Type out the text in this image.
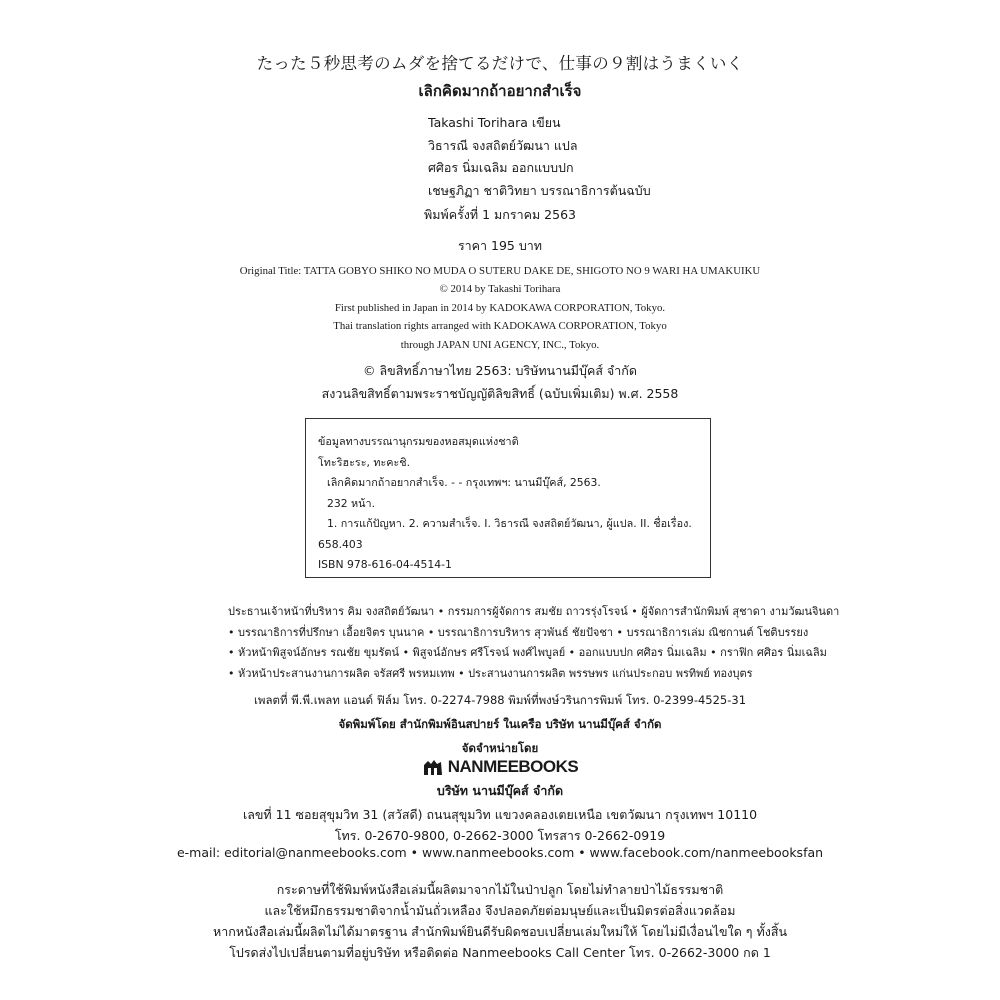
たった５秒思考のムダを捨てるだけで、仕事の９割はうまくいく
เลิกคิดมากถ้าอยากสำเร็จ
Takashi Torihara เขียน
วิธารณี จงสถิตย์วัฒนา แปล
ศศิอร นิ่มเฉลิม ออกแบบปก
เชษฐภิฏา ชาติวิทยา บรรณาธิการต้นฉบับ
พิมพ์ครั้งที่ 1 มกราคม 2563
ราคา 195 บาท
Original Title: TATTA GOBYO SHIKO NO MUDA O SUTERU DAKE DE, SHIGOTO NO 9 WARI HA UMAKUIKU
© 2014 by Takashi Torihara
First published in Japan in 2014 by KADOKAWA CORPORATION, Tokyo.
Thai translation rights arranged with KADOKAWA CORPORATION, Tokyo
through JAPAN UNI AGENCY, INC., Tokyo.
© ลิขสิทธิ์ภาษาไทย 2563: บริษัทนานมีบุ๊คส์ จำกัด
สงวนลิขสิทธิ์ตามพระราชบัญญัติลิขสิทธิ์ (ฉบับเพิ่มเติม) พ.ศ. 2558
ข้อมูลทางบรรณานุกรมของหอสมุดแห่งชาติ
โทะริฮะระ, ทะคะชิ.
เลิกคิดมากถ้าอยากสำเร็จ. - - กรุงเทพฯ: นานมีบุ๊คส์, 2563.
232 หน้า.
1. การแก้ปัญหา. 2. ความสำเร็จ. I. วิธารณี จงสถิตย์วัฒนา, ผู้แปล. II. ชื่อเรื่อง.
658.403
ISBN 978-616-04-4514-1
ประธานเจ้าหน้าที่บริหาร คิม จงสถิตย์วัฒนา • กรรมการผู้จัดการ สมชัย ถาวรรุ่งโรจน์ • ผู้จัดการสำนักพิมพ์ สุชาดา งามวัฒนจินดา
• บรรณาธิการที่ปรึกษา เอื้อยจิตร บุนนาค • บรรณาธิการบริหาร สุวพันธ์ ชัยปัจชา • บรรณาธิการเล่ม ณิชกานต์ โชติบรรยง
• หัวหน้าพิสูจน์อักษร รณชัย ขุมรัตน์ • พิสูจน์อักษร ศรีโรจน์ พงศ์ไพบูลย์ • ออกแบบปก ศศิอร นิ่มเฉลิม • กราฟิก ศศิอร นิ่มเฉลิม
• หัวหน้าประสานงานการผลิต จรัสศรี พรหมเทพ • ประสานงานการผลิต พรรษพร แก่นประกอบ พรทิพย์ ทองบุตร
เพลตที่ พี.พี.เพลท แอนด์ ฟิล์ม โทร. 0-2274-7988 พิมพ์ที่พงษ์วรินการพิมพ์ โทร. 0-2399-4525-31
จัดพิมพ์โดย สำนักพิมพ์อินสปายร์ ในเครือ บริษัท นานมีบุ๊คส์ จำกัด
จัดจำหน่ายโดย
NANMEEBOOKS
บริษัท นานมีบุ๊คส์ จำกัด
เลขที่ 11 ซอยสุขุมวิท 31 (สวัสดี) ถนนสุขุมวิท แขวงคลองเตยเหนือ เขตวัฒนา กรุงเทพฯ 10110
โทร. 0-2670-9800, 0-2662-3000 โทรสาร 0-2662-0919
e-mail: editorial@nanmeebooks.com • www.nanmeebooks.com • www.facebook.com/nanmeebooksfan
กระดาษที่ใช้พิมพ์หนังสือเล่มนี้ผลิตมาจากไม้ในป่าปลูก โดยไม่ทำลายป่าไม้ธรรมชาติ
และใช้หมึกธรรมชาติจากน้ำมันถั่วเหลือง จึงปลอดภัยต่อมนุษย์และเป็นมิตรต่อสิ่งแวดล้อม
หากหนังสือเล่มนี้ผลิตไม่ได้มาตรฐาน สำนักพิมพ์ยินดีรับผิดชอบเปลี่ยนเล่มใหม่ให้ โดยไม่มีเงื่อนไขใด ๆ ทั้งสิ้น
โปรดส่งไปเปลี่ยนตามที่อยู่บริษัท หรือติดต่อ Nanmeebooks Call Center โทร. 0-2662-3000 กด 1
